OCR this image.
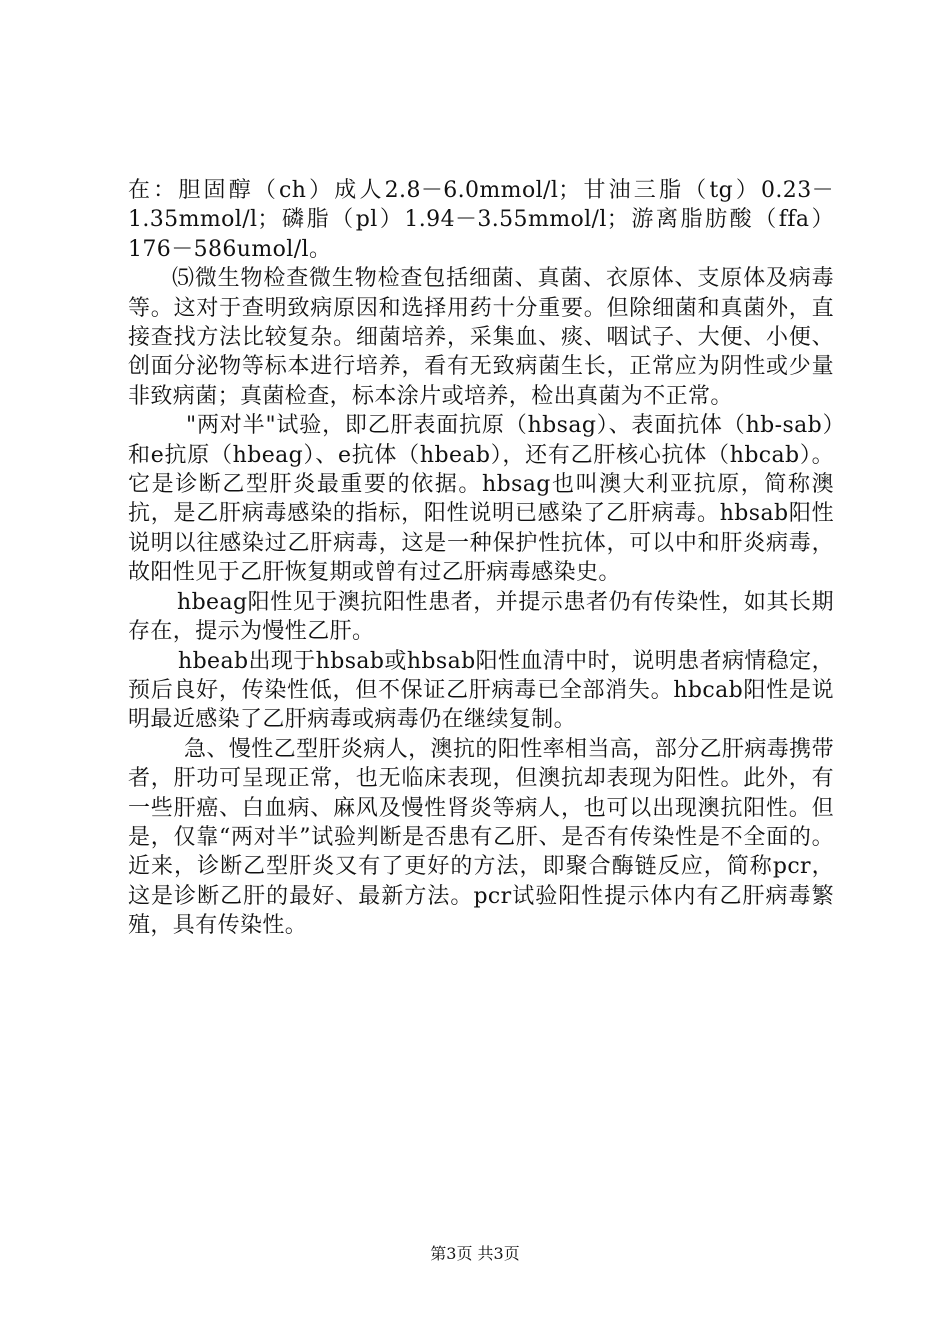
在：胆固醇（ch）成人2.8－6.0mmol/l；甘油三脂（tg）0.23－1.35mmol/l；磷脂（pl）1.94－3.55mmol/l；游离脂肪酸（ffa）176－586umol/l。

⑸微生物检查微生物检查包括细菌、真菌、衣原体、支原体及病毒等。这对于查明致病原因和选择用药十分重要。但除细菌和真菌外，直接查找方法比较复杂。细菌培养，采集血、痰、咽试子、大便、小便、创面分泌物等标本进行培养，看有无致病菌生长，正常应为阴性或少量非致病菌；真菌检查，标本涂片或培养，检出真菌为不正常。

"两对半"试验，即乙肝表面抗原（hbsag）、表面抗体（hb-sab）和e抗原（hbeag）、e抗体（hbeab），还有乙肝核心抗体（hbcab）。它是诊断乙型肝炎最重要的依据。hbsag也叫澳大利亚抗原，简称澳抗，是乙肝病毒感染的指标，阳性说明已感染了乙肝病毒。hbsab阳性说明以往感染过乙肝病毒，这是一种保护性抗体，可以中和肝炎病毒，故阳性见于乙肝恢复期或曾有过乙肝病毒感染史。

hbeag阳性见于澳抗阳性患者，并提示患者仍有传染性，如其长期存在，提示为慢性乙肝。

hbeab出现于hbsab或hbsab阳性血清中时，说明患者病情稳定，预后良好，传染性低，但不保证乙肝病毒已全部消失。hbcab阳性是说明最近感染了乙肝病毒或病毒仍在继续复制。

急、慢性乙型肝炎病人，澳抗的阳性率相当高，部分乙肝病毒携带者，肝功可呈现正常，也无临床表现，但澳抗却表现为阳性。此外，有一些肝癌、白血病、麻风及慢性肾炎等病人，也可以出现澳抗阳性。但是，仅靠“两对半”试验判断是否患有乙肝、是否有传染性是不全面的。近来，诊断乙型肝炎又有了更好的方法，即聚合酶链反应，简称pcr，这是诊断乙肝的最好、最新方法。pcr试验阳性提示体内有乙肝病毒繁殖，具有传染性。

第3页 共3页
